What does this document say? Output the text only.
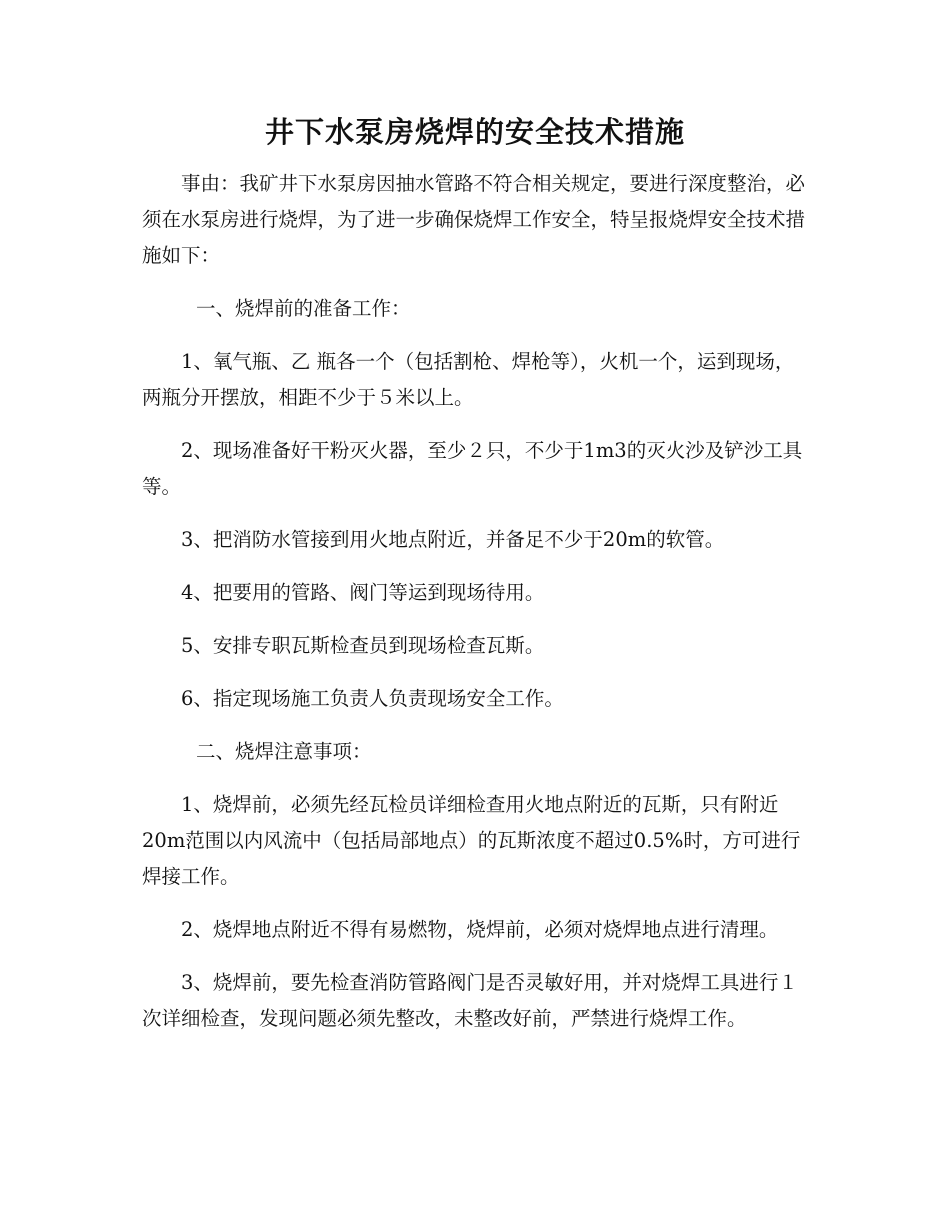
井下水泵房烧焊的安全技术措施

事由：我矿井下水泵房因抽水管路不符合相关规定，要进行深度整治，必须在水泵房进行烧焊，为了进一步确保烧焊工作安全，特呈报烧焊安全技术措施如下：

一、烧焊前的准备工作：

1、氧气瓶、乙 瓶各一个（包括割枪、焊枪等），火机一个，运到现场，两瓶分开摆放，相距不少于５米以上。

2、现场准备好干粉灭火器，至少２只，不少于1m3的灭火沙及铲沙工具等。

3、把消防水管接到用火地点附近，并备足不少于20m的软管。

4、把要用的管路、阀门等运到现场待用。

5、安排专职瓦斯检查员到现场检查瓦斯。

6、指定现场施工负责人负责现场安全工作。

二、烧焊注意事项：

1、烧焊前，必须先经瓦检员详细检查用火地点附近的瓦斯，只有附近20m范围以内风流中（包括局部地点）的瓦斯浓度不超过0.5%时，方可进行焊接工作。

2、烧焊地点附近不得有易燃物，烧焊前，必须对烧焊地点进行清理。

3、烧焊前，要先检查消防管路阀门是否灵敏好用，并对烧焊工具进行１次详细检查，发现问题必须先整改，未整改好前，严禁进行烧焊工作。
